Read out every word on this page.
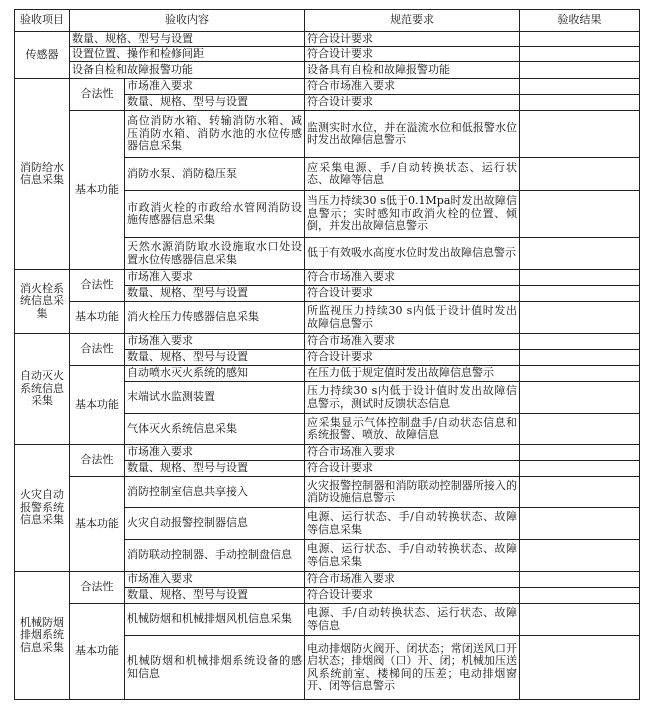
验收项目	验收内容		规范要求	验收结果
传感器	数量、规格、型号与设置		符合设计要求	
	设置位置、操作和检修间距		符合设计要求	
	设备自检和故障报警功能		设备具有自检和故障报警功能	
消防给水信息采集	合法性	市场准入要求	符合市场准入要求	
		数量、规格、型号与设置	符合设计要求	
	基本功能	高位消防水箱、转输消防水箱、减压消防水箱、消防水池的水位传感器信息采集	监测实时水位，并在溢流水位和低报警水位时发出故障信息警示	
		消防水泵、消防稳压泵	应采集电源、手/自动转换状态、运行状态、故障等信息	
		市政消火栓的市政给水管网消防设施传感器信息采集	当压力持续30 s低于0.1Mpa时发出故障信息警示；实时感知市政消火栓的位置、倾倒，并发出故障信息警示	
		天然水源消防取水设施取水口处设置水位传感器信息采集	低于有效吸水高度水位时发出故障信息警示	
消火栓系统信息采集	合法性	市场准入要求	符合市场准入要求	
		数量、规格、型号与设置	符合设计要求	
	基本功能	消火栓压力传感器信息采集	所监视压力持续30 s内低于设计值时发出故障信息警示	
自动灭火系统信息采集	合法性	市场准入要求	符合市场准入要求	
		数量、规格、型号与设置	符合设计要求	
	基本功能	自动喷水灭火系统的感知	在压力低于规定值时发出故障信息警示	
		末端试水监测装置	压力持续30 s内低于设计值时发出故障信息警示，测试时反馈状态信息	
		气体灭火系统信息采集	应采集显示气体控制盘手/自动状态信息和系统报警、喷放、故障信息	
火灾自动报警系统信息采集	合法性	市场准入要求	符合市场准入要求	
		数量、规格、型号与设置	符合设计要求	
	基本功能	消防控制室信息共享接入	火灾报警控制器和消防联动控制器所接入的消防设施信息警示	
		火灾自动报警控制器信息	电源、运行状态、手/自动转换状态、故障等信息采集	
		消防联动控制器、手动控制盘信息	电源、运行状态、手/自动转换状态、故障等信息采集	
机械防烟排烟系统信息采集	合法性	市场准入要求	符合市场准入要求	
		数量、规格、型号与设置	符合设计要求	
	基本功能	机械防烟和机械排烟风机信息采集	电源、手/自动转换状态、运行状态、故障等信息	
		机械防烟和机械排烟系统设备的感知信息	电动排烟防火阀开、闭状态；常闭送风口开启状态；排烟阀（口）开、闭；机械加压送风系统前室、楼梯间的压差；电动排烟窗开、闭等信息警示	
